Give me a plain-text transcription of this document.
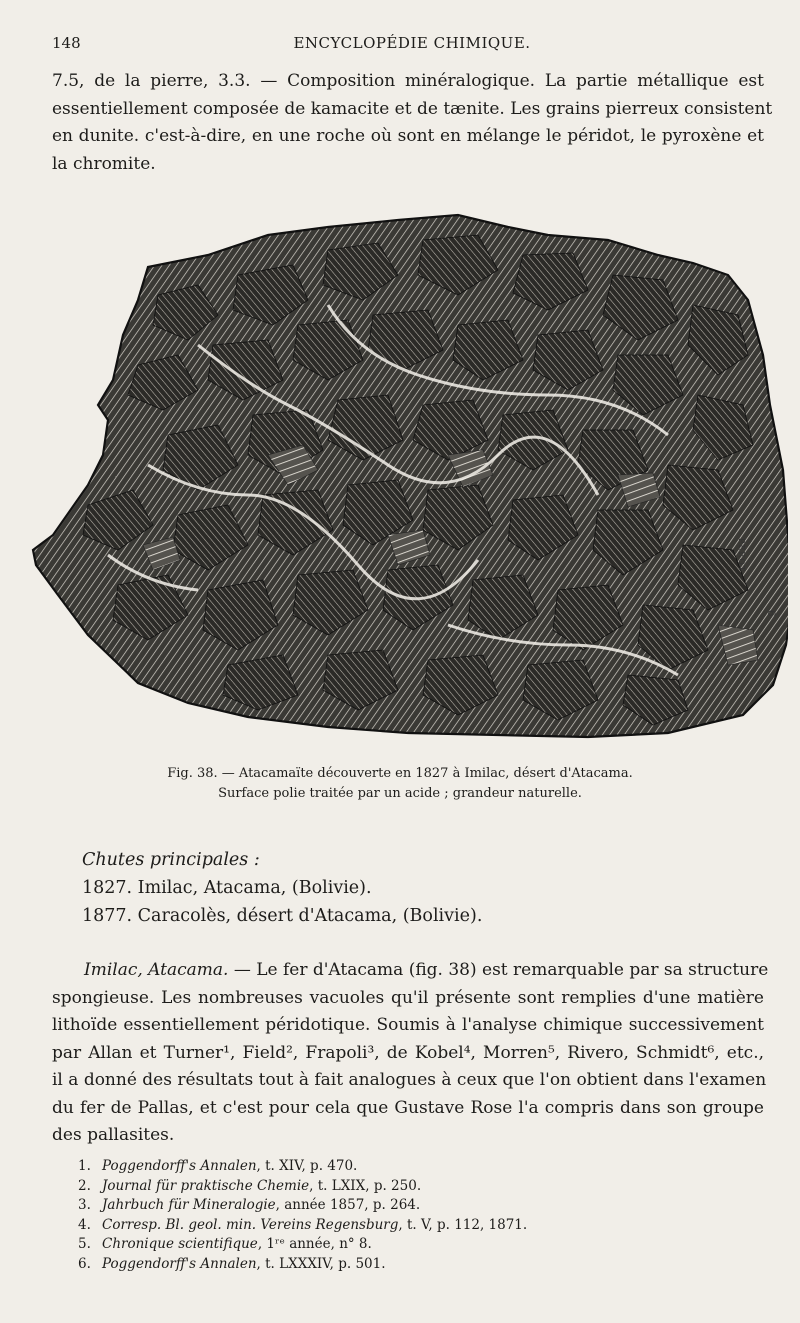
148	ENCYCLOPÉDIE CHIMIQUE.
7.5, de la pierre, 3.3. — Composition minéralogique. La partie métallique est
essentiellement composée de kamacite et de tænite. Les grains pierreux consistent
en dunite. c'est-à-dire, en une roche où sont en mélange le péridot, le pyroxène et
la chromite.
PEROT
6
Fig. 38. — Atacamaïte découverte en 1827 à Imilac, désert d'Atacama.
Surface polie traitée par un acide ; grandeur naturelle.
Chutes principales :
1827. Imilac, Atacama, (Bolivie).
1877. Caracolès, désert d'Atacama, (Bolivie).
Imilac, Atacama. — Le fer d'Atacama (fig. 38) est remarquable par sa structure
spongieuse. Les nombreuses vacuoles qu'il présente sont remplies d'une matière
lithoïde essentiellement péridotique. Soumis à l'analyse chimique successivement
par Allan et Turner¹, Field², Frapoli³, de Kobel⁴, Morren⁵, Rivero, Schmidt⁶, etc.,
il a donné des résultats tout à fait analogues à ceux que l'on obtient dans l'examen
du fer de Pallas, et c'est pour cela que Gustave Rose l'a compris dans son groupe
des pallasites.
1. Poggendorff's Annalen, t. XIV, p. 470.
2. Journal für praktische Chemie, t. LXIX, p. 250.
3. Jahrbuch für Mineralogie, année 1857, p. 264.
4. Corresp. Bl. geol. min. Vereins Regensburg, t. V, p. 112, 1871.
5. Chronique scientifique, 1ʳᵉ année, n° 8.
6. Poggendorff's Annalen, t. LXXXIV, p. 501.
